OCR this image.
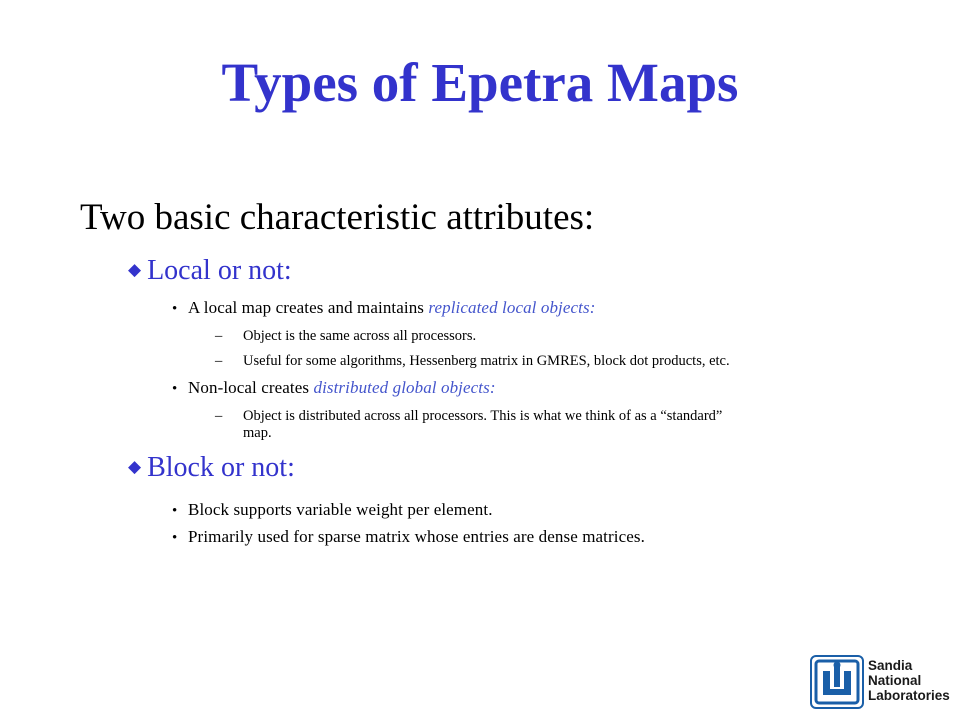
Types of Epetra Maps
Two basic characteristic attributes:
◆ Local or not:
• A local map creates and maintains replicated local objects:
– Object is the same across all processors.
– Useful for some algorithms, Hessenberg matrix in GMRES, block dot products, etc.
• Non-local creates distributed global objects:
– Object is distributed across all processors. This is what we think of as a “standard”
map.
◆ Block or not:
• Block supports variable weight per element.
• Primarily used for sparse matrix whose entries are dense matrices.
Sandia
National
Laboratories
